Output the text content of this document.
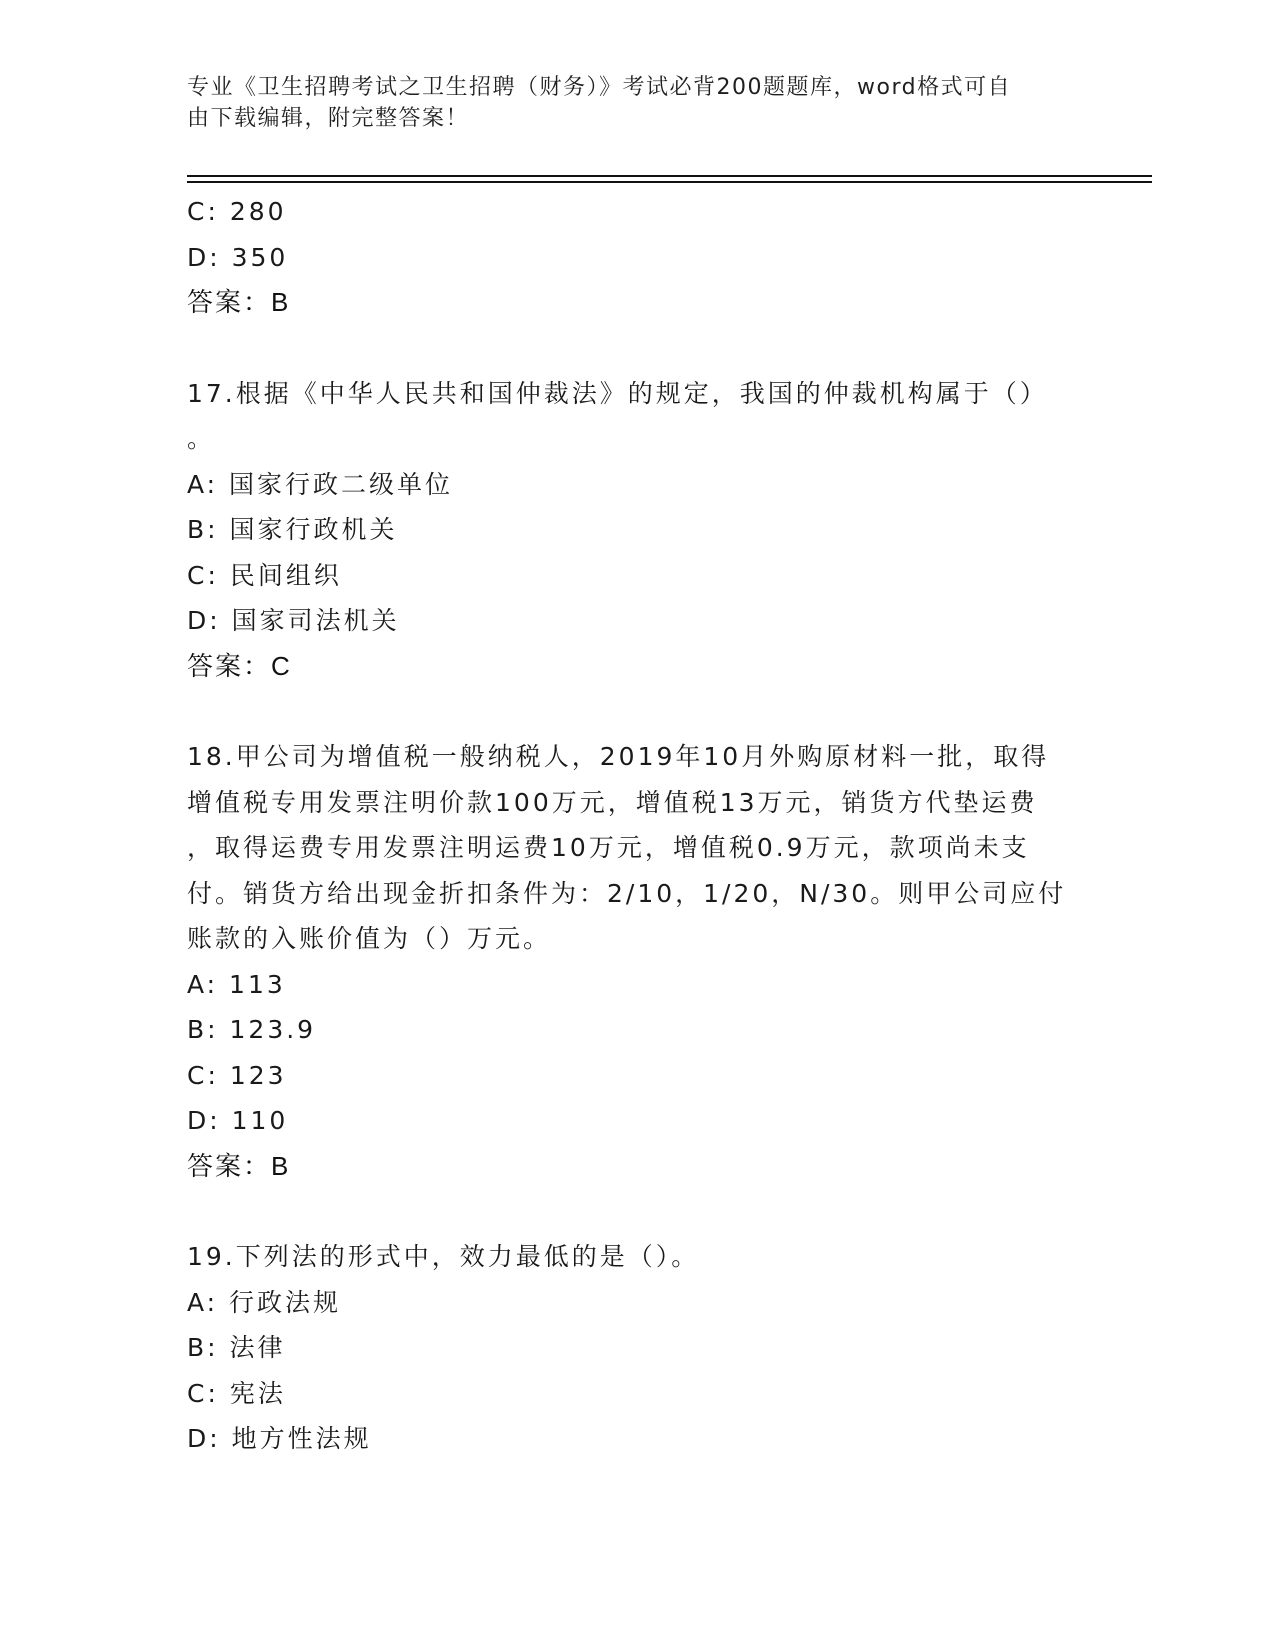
专业《卫生招聘考试之卫生招聘（财务）》考试必背200题题库，word格式可自
由下载编辑，附完整答案！
C: 280
D: 350
答案：B
17.根据《中华人民共和国仲裁法》的规定，我国的仲裁机构属于（）
。
A: 国家行政二级单位
B: 国家行政机关
C: 民间组织
D: 国家司法机关
答案：C
18.甲公司为增值税一般纳税人，2019年10月外购原材料一批，取得
增值税专用发票注明价款100万元，增值税13万元，销货方代垫运费
，取得运费专用发票注明运费10万元，增值税0.9万元，款项尚未支
付。销货方给出现金折扣条件为：2/10，1/20，N/30。则甲公司应付
账款的入账价值为（）万元。
A: 113
B: 123.9
C: 123
D: 110
答案：B
19.下列法的形式中，效力最低的是（）。
A: 行政法规
B: 法律
C: 宪法
D: 地方性法规
